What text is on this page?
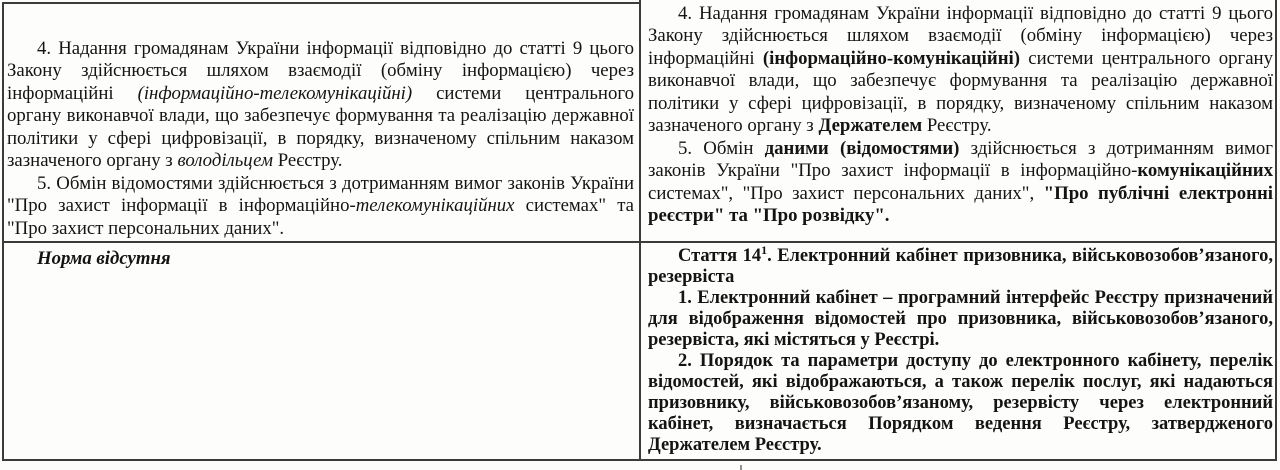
4. Надання громадянам України інформації відповідно до статті 9 цього Закону здійснюється шляхом взаємодії (обміну інформацією) через інформаційні (інформаційно-телекомунікаційні) системи центрального органу виконавчої влади, що забезпечує формування та реалізацію державної політики у сфері цифровізації, в порядку, визначеному спільним наказом зазначеного органу з володільцем Реєстру.

5. Обмін відомостями здійснюється з дотриманням вимог законів України "Про захист інформації в інформаційно-телекомунікаційних системах" та "Про захист персональних даних".

4. Надання громадянам України інформації відповідно до статті 9 цього Закону здійснюється шляхом взаємодії (обміну інформацією) через інформаційні (інформаційно-комунікаційні) системи центрального органу виконавчої влади, що забезпечує формування та реалізацію державної політики у сфері цифровізації, в порядку, визначеному спільним наказом зазначеного органу з Держателем Реєстру.

5. Обмін даними (відомостями) здійснюється з дотриманням вимог законів України "Про захист інформації в інформаційно-комунікаційних системах", "Про захист персональних даних", "Про публічні електронні реєстри" та "Про розвідку".

Норма відсутня	Стаття $14^1$. Електронний кабінет призовника, військовозобов’язаного, резервіста

1. Електронний кабінет – програмний інтерфейс Реєстру призначений для відображення відомостей про призовника, військовозобов’язаного, резервіста, які містяться у Реєстрі.

2. Порядок та параметри доступу до електронного кабінету, перелік відомостей, які відображаються, а також перелік послуг, які надаються призовнику, військовозобов’язаному, резервісту через електронний кабінет, визначається Порядком ведення Реєстру, затвердженого Держателем Реєстру.
